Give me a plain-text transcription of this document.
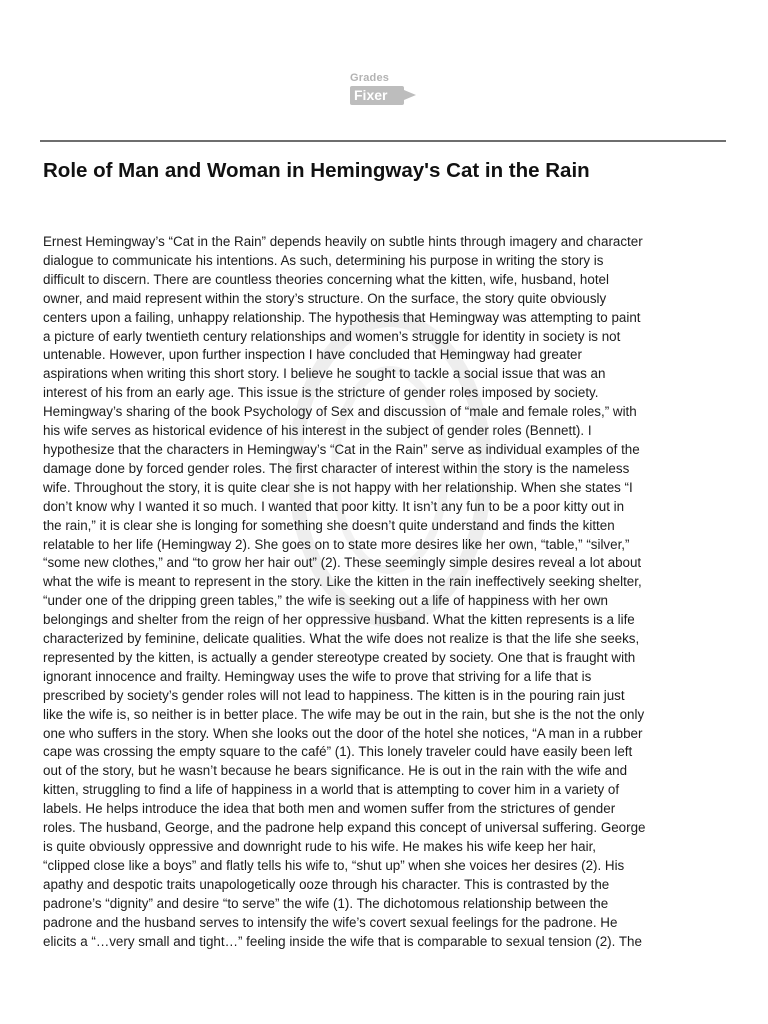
Grades
Fixer
Role of Man and Woman in Hemingway's Cat in the Rain
Ernest Hemingway’s “Cat in the Rain” depends heavily on subtle hints through imagery and character
dialogue to communicate his intentions. As such, determining his purpose in writing the story is
difficult to discern. There are countless theories concerning what the kitten, wife, husband, hotel
owner, and maid represent within the story’s structure. On the surface, the story quite obviously
centers upon a failing, unhappy relationship. The hypothesis that Hemingway was attempting to paint
a picture of early twentieth century relationships and women’s struggle for identity in society is not
untenable. However, upon further inspection I have concluded that Hemingway had greater
aspirations when writing this short story. I believe he sought to tackle a social issue that was an
interest of his from an early age. This issue is the stricture of gender roles imposed by society.
Hemingway’s sharing of the book Psychology of Sex and discussion of “male and female roles,” with
his wife serves as historical evidence of his interest in the subject of gender roles (Bennett). I
hypothesize that the characters in Hemingway’s “Cat in the Rain” serve as individual examples of the
damage done by forced gender roles. The first character of interest within the story is the nameless
wife. Throughout the story, it is quite clear she is not happy with her relationship. When she states “I
don’t know why I wanted it so much. I wanted that poor kitty. It isn’t any fun to be a poor kitty out in
the rain,” it is clear she is longing for something she doesn’t quite understand and finds the kitten
relatable to her life (Hemingway 2). She goes on to state more desires like her own, “table,” “silver,”
“some new clothes,” and “to grow her hair out” (2). These seemingly simple desires reveal a lot about
what the wife is meant to represent in the story. Like the kitten in the rain ineffectively seeking shelter,
“under one of the dripping green tables,” the wife is seeking out a life of happiness with her own
belongings and shelter from the reign of her oppressive husband. What the kitten represents is a life
characterized by feminine, delicate qualities. What the wife does not realize is that the life she seeks,
represented by the kitten, is actually a gender stereotype created by society. One that is fraught with
ignorant innocence and frailty. Hemingway uses the wife to prove that striving for a life that is
prescribed by society’s gender roles will not lead to happiness. The kitten is in the pouring rain just
like the wife is, so neither is in better place. The wife may be out in the rain, but she is the not the only
one who suffers in the story. When she looks out the door of the hotel she notices, “A man in a rubber
cape was crossing the empty square to the café” (1). This lonely traveler could have easily been left
out of the story, but he wasn’t because he bears significance. He is out in the rain with the wife and
kitten, struggling to find a life of happiness in a world that is attempting to cover him in a variety of
labels. He helps introduce the idea that both men and women suffer from the strictures of gender
roles. The husband, George, and the padrone help expand this concept of universal suffering. George
is quite obviously oppressive and downright rude to his wife. He makes his wife keep her hair,
“clipped close like a boys” and flatly tells his wife to, “shut up” when she voices her desires (2). His
apathy and despotic traits unapologetically ooze through his character. This is contrasted by the
padrone’s “dignity” and desire “to serve” the wife (1). The dichotomous relationship between the
padrone and the husband serves to intensify the wife’s covert sexual feelings for the padrone. He
elicits a “…very small and tight…” feeling inside the wife that is comparable to sexual tension (2). The
